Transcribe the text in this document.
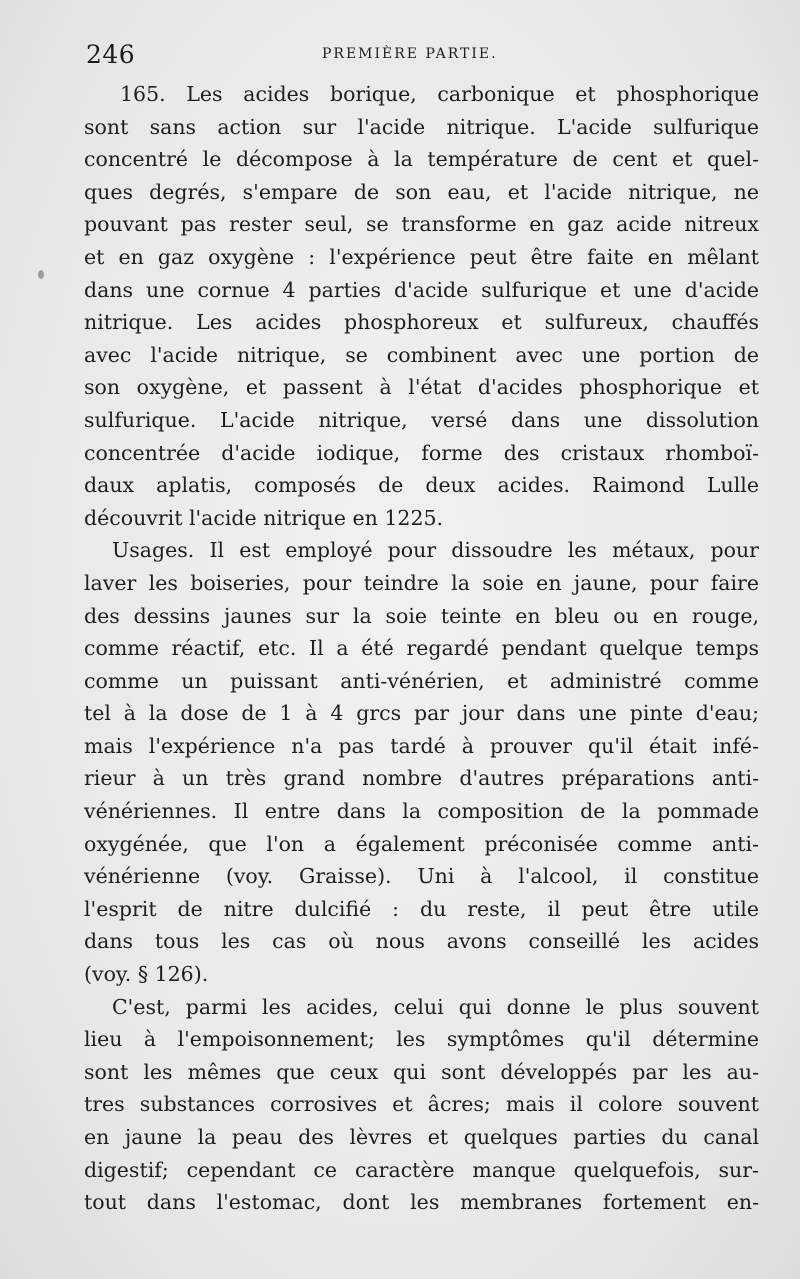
246	PREMIÈRE PARTIE.
165. Les acides borique, carbonique et phosphorique
sont sans action sur l'acide nitrique. L'acide sulfurique
concentré le décompose à la température de cent et quel-
ques degrés, s'empare de son eau, et l'acide nitrique, ne
pouvant pas rester seul, se transforme en gaz acide nitreux
et en gaz oxygène : l'expérience peut être faite en mêlant
dans une cornue 4 parties d'acide sulfurique et une d'acide
nitrique. Les acides phosphoreux et sulfureux, chauffés
avec l'acide nitrique, se combinent avec une portion de
son oxygène, et passent à l'état d'acides phosphorique et
sulfurique. L'acide nitrique, versé dans une dissolution
concentrée d'acide iodique, forme des cristaux rhomboï-
daux aplatis, composés de deux acides. Raimond Lulle
découvrit l'acide nitrique en 1225.
Usages. Il est employé pour dissoudre les métaux, pour
laver les boiseries, pour teindre la soie en jaune, pour faire
des dessins jaunes sur la soie teinte en bleu ou en rouge,
comme réactif, etc. Il a été regardé pendant quelque temps
comme un puissant anti-vénérien, et administré comme
tel à la dose de 1 à 4 grcs par jour dans une pinte d'eau;
mais l'expérience n'a pas tardé à prouver qu'il était infé-
rieur à un très grand nombre d'autres préparations anti-
vénériennes. Il entre dans la composition de la pommade
oxygénée, que l'on a également préconisée comme anti-
vénérienne (voy. Graisse). Uni à l'alcool, il constitue
l'esprit de nitre dulcifié : du reste, il peut être utile
dans tous les cas où nous avons conseillé les acides
(voy. § 126).
C'est, parmi les acides, celui qui donne le plus souvent
lieu à l'empoisonnement; les symptômes qu'il détermine
sont les mêmes que ceux qui sont développés par les au-
tres substances corrosives et âcres; mais il colore souvent
en jaune la peau des lèvres et quelques parties du canal
digestif; cependant ce caractère manque quelquefois, sur-
tout dans l'estomac, dont les membranes fortement en-
